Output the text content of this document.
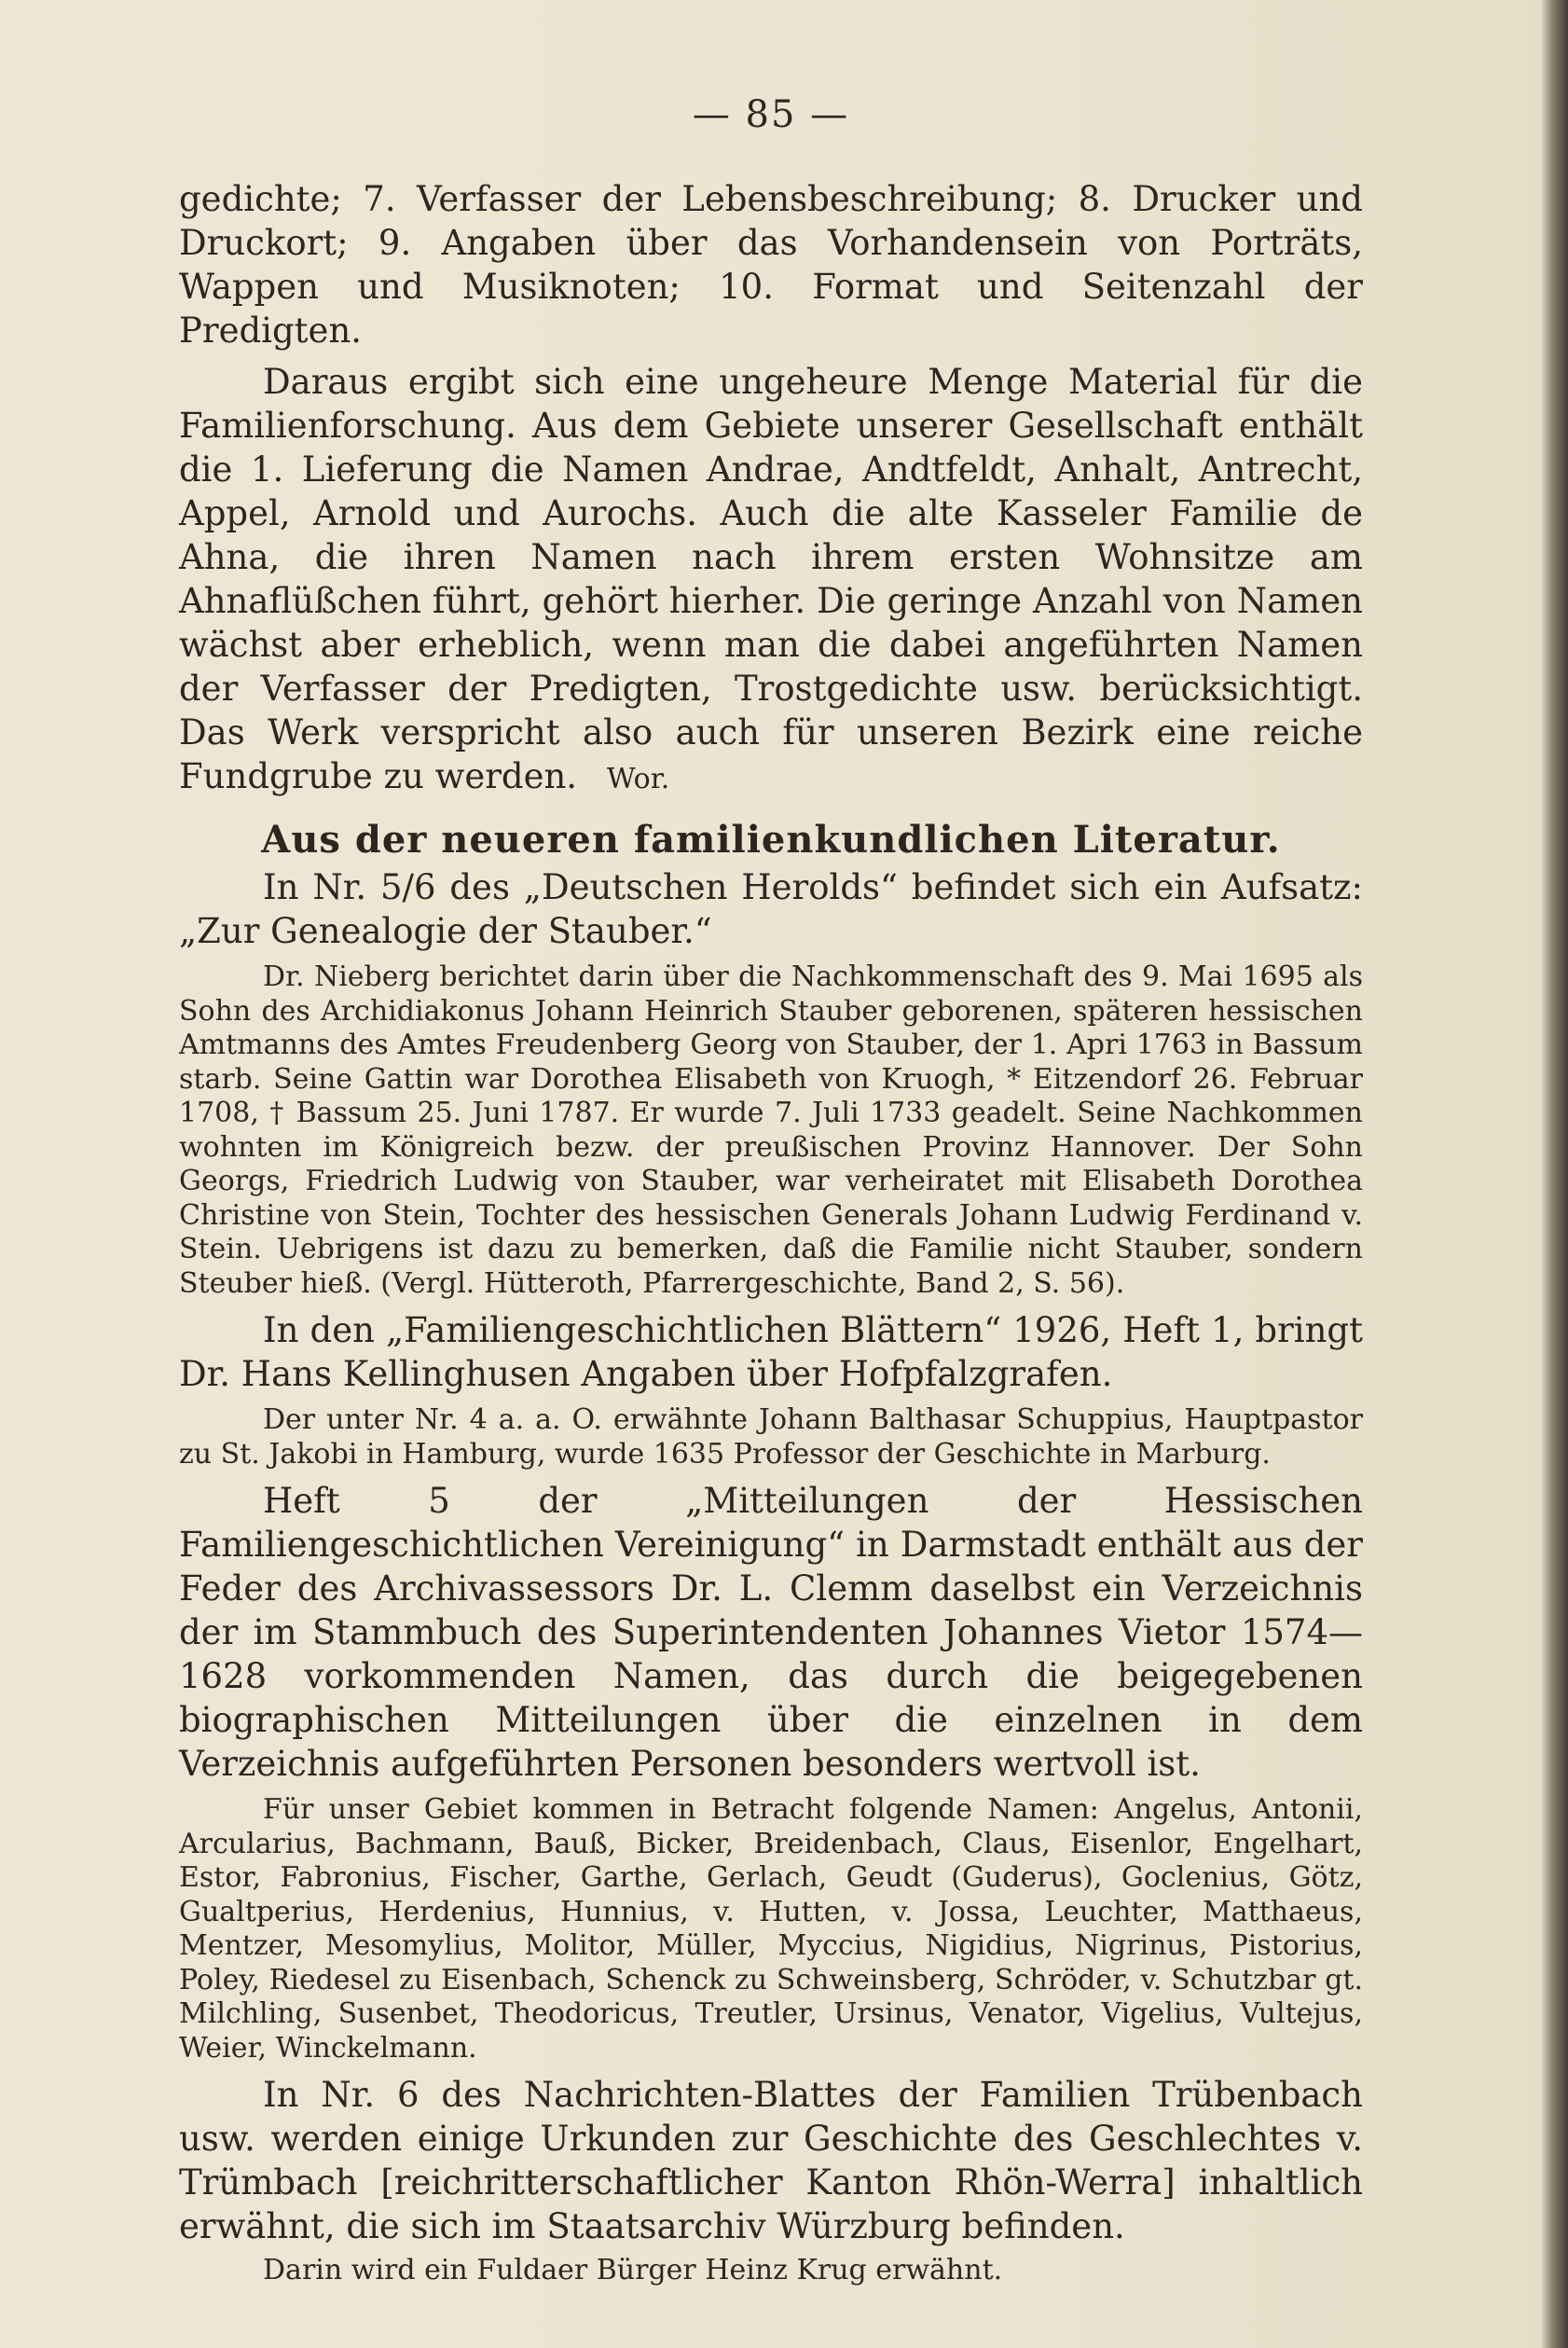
— 85 —

gedichte; 7. Verfasser der Lebensbeschreibung; 8. Drucker und Druckort; 9. Angaben über das Vorhandensein von Porträts, Wappen und Musiknoten; 10. Format und Seitenzahl der Predigten.

Daraus ergibt sich eine ungeheure Menge Material für die Familienforschung. Aus dem Gebiete unserer Gesellschaft enthält die 1. Lieferung die Namen Andrae, Andtfeldt, Anhalt, Antrecht, Appel, Arnold und Aurochs. Auch die alte Kasseler Familie de Ahna, die ihren Namen nach ihrem ersten Wohnsitze am Ahnaflüßchen führt, gehört hierher. Die geringe Anzahl von Namen wächst aber erheblich, wenn man die dabei angeführten Namen der Verfasser der Predigten, Trostgedichte usw. berücksichtigt. Das Werk verspricht also auch für unseren Bezirk eine reiche Fundgrube zu werden. Wor.

Aus der neueren familienkundlichen Literatur.

In Nr. 5/6 des „Deutschen Herolds“ befindet sich ein Aufsatz: „Zur Genealogie der Stauber.“

Dr. Nieberg berichtet darin über die Nachkommenschaft des 9. Mai 1695 als Sohn des Archidiakonus Johann Heinrich Stauber geborenen, späteren hessischen Amtmanns des Amtes Freudenberg Georg von Stauber, der 1. Apri 1763 in Bassum starb. Seine Gattin war Dorothea Elisabeth von Kruogh, * Eitzendorf 26. Februar 1708, † Bassum 25. Juni 1787. Er wurde 7. Juli 1733 geadelt. Seine Nachkommen wohnten im Königreich bezw. der preußischen Provinz Hannover. Der Sohn Georgs, Friedrich Ludwig von Stauber, war verheiratet mit Elisabeth Dorothea Christine von Stein, Tochter des hessischen Generals Johann Ludwig Ferdinand v. Stein. Uebrigens ist dazu zu bemerken, daß die Familie nicht Stauber, sondern Steuber hieß. (Vergl. Hütteroth, Pfarrergeschichte, Band 2, S. 56).

In den „Familiengeschichtlichen Blättern“ 1926, Heft 1, bringt Dr. Hans Kellinghusen Angaben über Hofpfalzgrafen.

Der unter Nr. 4 a. a. O. erwähnte Johann Balthasar Schuppius, Hauptpastor zu St. Jakobi in Hamburg, wurde 1635 Professor der Geschichte in Marburg.

Heft 5 der „Mitteilungen der Hessischen Familiengeschichtlichen Vereinigung“ in Darmstadt enthält aus der Feder des Archivassessors Dr. L. Clemm daselbst ein Verzeichnis der im Stammbuch des Superintendenten Johannes Vietor 1574—1628 vorkommenden Namen, das durch die beigegebenen biographischen Mitteilungen über die einzelnen in dem Verzeichnis aufgeführten Personen besonders wertvoll ist.

Für unser Gebiet kommen in Betracht folgende Namen: Angelus, Antonii, Arcularius, Bachmann, Bauß, Bicker, Breidenbach, Claus, Eisenlor, Engelhart, Estor, Fabronius, Fischer, Garthe, Gerlach, Geudt (Guderus), Goclenius, Götz, Gualtperius, Herdenius, Hunnius, v. Hutten, v. Jossa, Leuchter, Matthaeus, Mentzer, Mesomylius, Molitor, Müller, Myccius, Nigidius, Nigrinus, Pistorius, Poley, Riedesel zu Eisenbach, Schenck zu Schweinsberg, Schröder, v. Schutzbar gt. Milchling, Susenbet, Theodoricus, Treutler, Ursinus, Venator, Vigelius, Vultejus, Weier, Winckelmann.

In Nr. 6 des Nachrichten-Blattes der Familien Trübenbach usw. werden einige Urkunden zur Geschichte des Geschlechtes v. Trümbach [reichritterschaftlicher Kanton Rhön-Werra] inhaltlich erwähnt, die sich im Staatsarchiv Würzburg befinden.

Darin wird ein Fuldaer Bürger Heinz Krug erwähnt.
